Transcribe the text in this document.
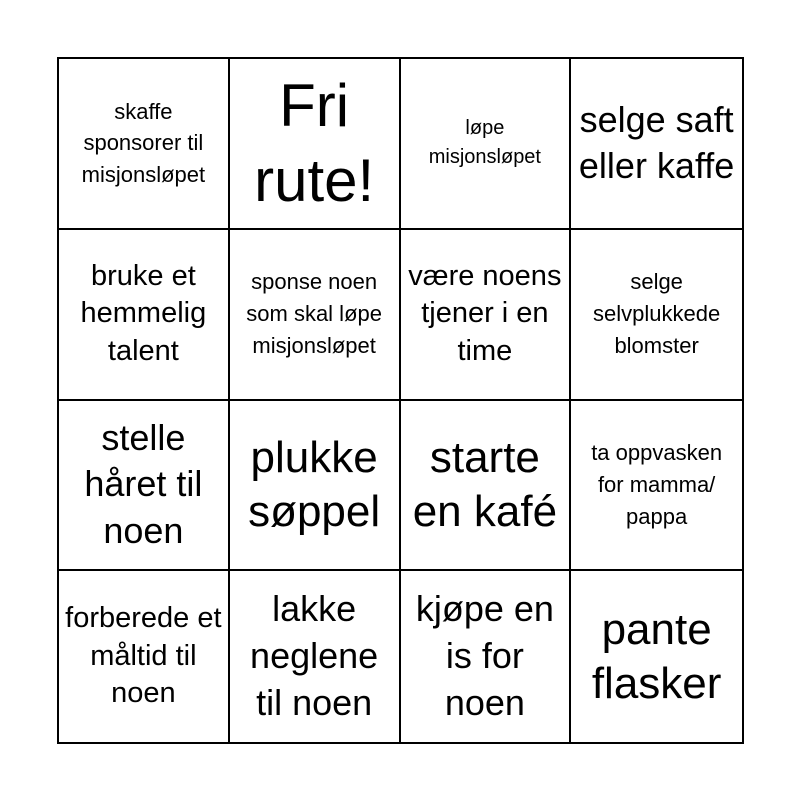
skaffe sponsorer til misjonsløpet
Fri rute!
løpe misjonsløpet
selge saft eller kaffe
bruke et hemmelig talent
sponse noen som skal løpe misjonsløpet
være noens tjener i en time
selge selvplukkede blomster
stelle håret til noen
plukke søppel
starte en kafé
ta oppvasken for mamma/ pappa
forberede et måltid til noen
lakke neglene til noen
kjøpe en is for noen
pante flasker
